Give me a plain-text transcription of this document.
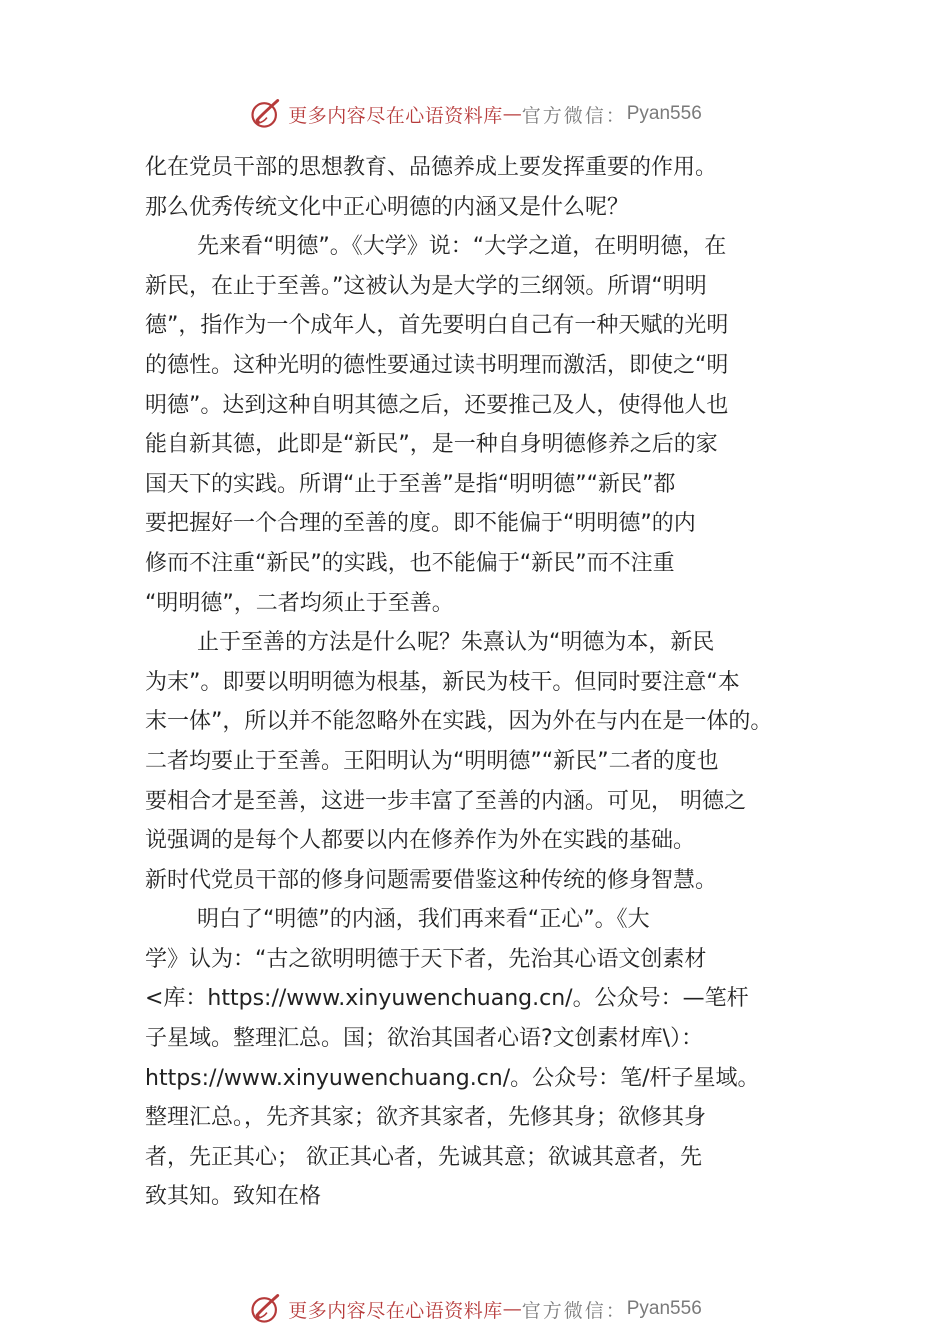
更多内容尽在心语资料库 — 官方微信： Pyan556
化在党员干部的思想教育、品德养成上要发挥重要的作用。
那么优秀传统文化中正心明德的内涵又是什么呢？
先来看“明德”。《大学》说：“大学之道，在明明德，在
新民，在止于至善。”这被认为是大学的三纲领。所谓“明明
德”，指作为一个成年人，首先要明白自己有一种天赋的光明
的德性。这种光明的德性要通过读书明理而激活，即使之“明
明德”。达到这种自明其德之后，还要推己及人，使得他人也
能自新其德，此即是“新民”，是一种自身明德修养之后的家
国天下的实践。所谓“止于至善”是指“明明德”“新民”都
要把握好一个合理的至善的度。即不能偏于“明明德”的内
修而不注重“新民”的实践，也不能偏于“新民”而不注重
“明明德”，二者均须止于至善。
止于至善的方法是什么呢？朱熹认为“明德为本，新民
为末”。即要以明明德为根基，新民为枝干。但同时要注意“本
末一体”，所以并不能忽略外在实践，因为外在与内在是一体的。
二者均要止于至善。王阳明认为“明明德”“新民”二者的度也
要相合才是至善，这进一步丰富了至善的内涵。可见， 明德之
说强调的是每个人都要以内在修养作为外在实践的基础。
新时代党员干部的修身问题需要借鉴这种传统的修身智慧。
明白了“明德”的内涵，我们再来看“正心”。《大
学》认为：“古之欲明明德于天下者，先治其心语文创素材
<库：https://www.xinyuwenchuang.cn/。公众号：—笔杆
子星域。整理汇总。国；欲治其国者心语?文创素材库\）：
https://www.xinyuwenchuang.cn/。公众号：笔/杆子星域。
整理汇总。，先齐其家；欲齐其家者，先修其身；欲修其身
者，先正其心； 欲正其心者，先诚其意；欲诚其意者，先
致其知。致知在格
更多内容尽在心语资料库 — 官方微信： Pyan556
